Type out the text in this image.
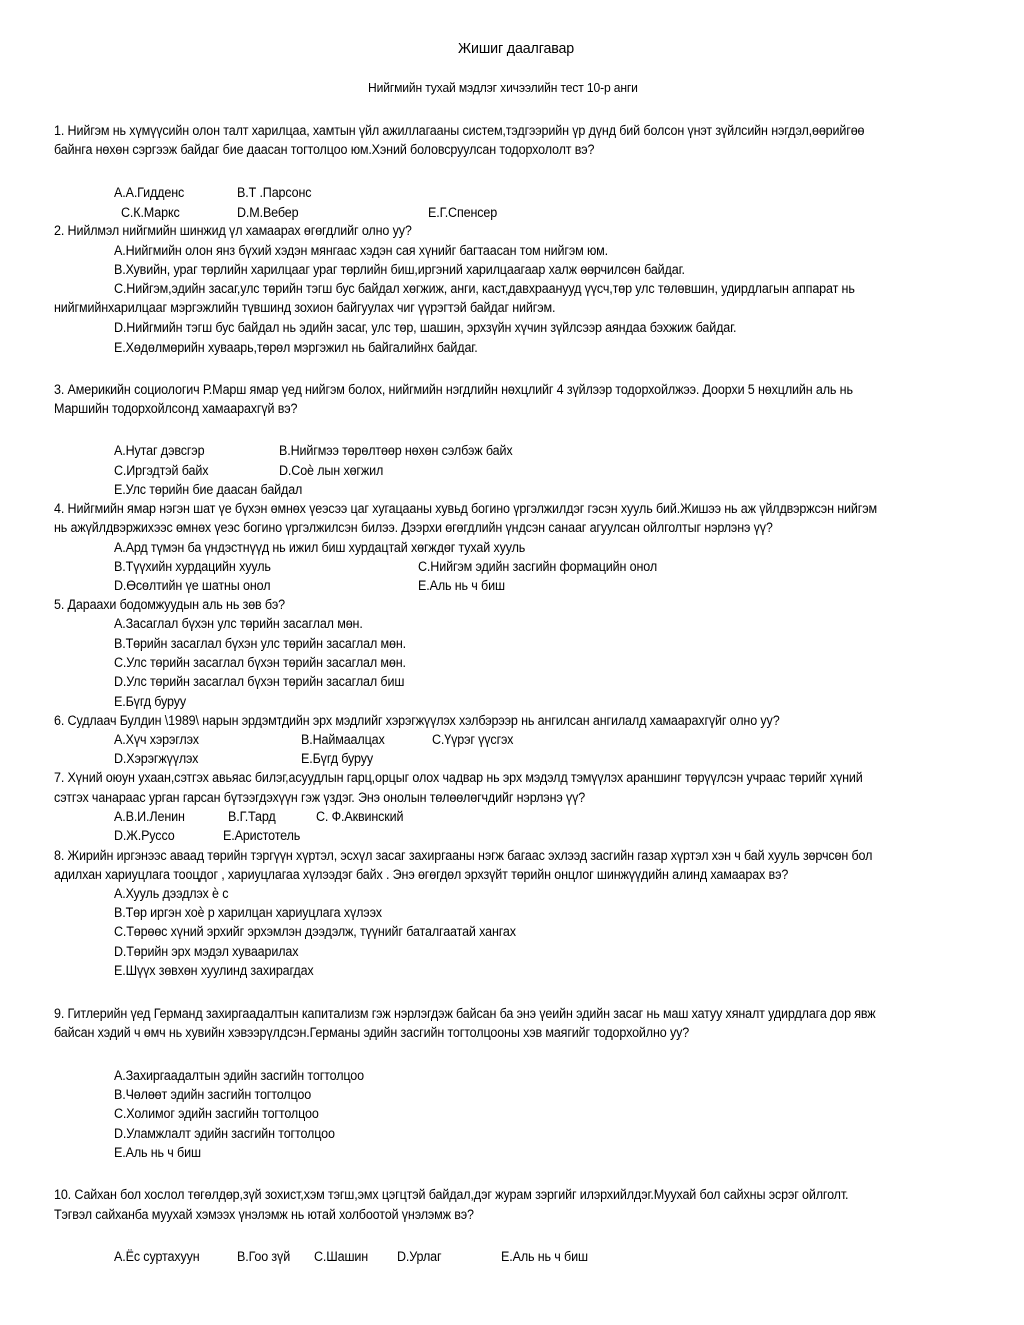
Жишиг даалгавар
Нийгмийн тухай мэдлэг хичээлийн тест 10-р анги
1. Нийгэм нь хүмүүсийн олон талт харилцаа, хамтын үйл ажиллагааны систем,тэдгээрийн үр дүнд бий болсон үнэт зүйлсийн нэгдэл,өөрийгөө
байнга нөхөн сэргээж байдаг бие даасан тогтолцоо юм.Хэний боловсруулсан тодорхололт вэ?
А.А.Гидденс	В.Т .Парсонс
С.К.Маркс	D.М.Вебер	Е.Г.Спенсер
2. Нийлмэл нийгмийн шинжид үл хамаарах өгөгдлийг олно уу?
А.Нийгмийн олон янз бүхий хэдэн мянгаас хэдэн сая хүнийг багтаасан том нийгэм юм.
В.Хувийн, ураг төрлийн харилцааг ураг төрлийн биш,иргэний харилцаагаар халж өөрчилсөн байдаг.
С.Нийгэм,эдийн засаг,улс төрийн тэгш бус байдал хөгжиж, анги, каст,давхраанууд үүсч,төр улс төлөвшин, удирдлагын аппарат нь
нийгмийнхарилцааг мэргэжлийн түвшинд зохион байгуулах чиг үүрэгтэй байдаг нийгэм.
D.Нийгмийн тэгш бус байдал нь эдийн засаг, улс төр, шашин, эрхзүйн хүчин зүйлсээр аяндаа бэхжиж байдаг.
Е.Хөдөлмөрийн хуваарь,төрөл мэргэжил нь байгалийнх байдаг.
3. Америкийн социологич Р.Марш ямар үед нийгэм болох, нийгмийн нэгдлийн нөхцлийг 4 зүйлээр тодорхойлжээ. Доорхи 5 нөхцлийн аль нь
Маршийн тодорхойлсонд хамаарахгүй вэ?
А.Нутаг дэвсгэр	В.Нийгмээ төрөлтөөр нөхөн сэлбэж байх
С.Иргэдтэй байх	D.Соѐ лын хөгжил
Е.Улс төрийн бие даасан байдал
4. Нийгмийн ямар нэгэн шат үе бүхэн өмнөх үеэсээ цаг хугацааны хувьд богино үргэлжилдэг гэсэн хууль бий.Жишээ нь аж үйлдвэржсэн нийгэм
нь ажүйлдвэржихээс өмнөх үеэс богино үргэлжилсэн билээ. Дээрхи өгөгдлийн үндсэн санааг агуулсан ойлголтыг нэрлэнэ үү?
А.Ард түмэн ба үндэстнүүд нь ижил биш хурдацтай хөгждөг тухай хууль
В.Түүхийн хурдацийн хууль	С.Нийгэм эдийн засгийн формацийн онол
D.Өсөлтийн үе шатны онол	Е.Аль нь ч биш
5. Дараахи бодомжуудын аль нь зөв бэ?
А.Засаглал бүхэн улс төрийн засаглал мөн.
В.Төрийн засаглал бүхэн улс төрийн засаглал мөн.
С.Улс төрийн засаглал бүхэн төрийн засаглал мөн.
D.Улс төрийн засаглал бүхэн төрийн засаглал биш
Е.Бүгд буруу
6. Судлаач Булдин \1989\ нарын эрдэмтдийн эрх мэдлийг хэрэгжүүлэх хэлбэрээр нь ангилсан ангилалд хамаарахгүйг олно уу?
А.Хүч хэрэглэх	В.Наймаалцах	С.Үүрэг үүсгэх
D.Хэрэгжүүлэх	Е.Бүгд буруу
7. Хүний оюун ухаан,сэтгэх авьяас билэг,асуудлын гарц,орцыг олох чадвар нь эрх мэдэлд тэмүүлэх араншинг төрүүлсэн учраас төрийг хүний
сэтгэх чанараас урган гарсан бүтээгдэхүүн гэж үздэг. Энэ онолын төлөөлөгчдийг нэрлэнэ үү?
А.В.И.Ленин	В.Г.Тард	С. Ф.Аквинский
D.Ж.Руссо	Е.Аристотель
8. Жирийн иргэнээс аваад төрийн тэргүүн хүртэл, эсхүл засаг захиргааны нэгж багаас эхлээд засгийн газар хүртэл хэн ч бай хууль зөрчсөн бол
адилхан хариуцлага тооцдог , хариуцлагаа хүлээдэг байх . Энэ өгөгдөл эрхзүйт төрийн онцлог шинжүүдийн алинд хамаарах вэ?
А.Хууль дээдлэх ѐ с
В.Төр иргэн хоѐ р харилцан хариуцлага хүлээх
С.Төрөөс хүний эрхийг эрхэмлэн дээдэлж, түүнийг баталгаатай хангах
D.Төрийн эрх мэдэл хуваарилах
Е.Шүүх зөвхөн хуулинд захирагдах
9. Гитлерийн үед Германд захиргаадалтын капитализм гэж нэрлэгдэж байсан ба энэ үеийн эдийн засаг нь маш хатуу хяналт удирдлага дор явж
байсан хэдий ч өмч нь хувийн хэвээрүлдсэн.Германы эдийн засгийн тогтолцооны хэв маягийг тодорхойлно уу?
А.Захиргаадалтын эдийн засгийн тогтолцоо
В.Чөлөөт эдийн засгийн тогтолцоо
С.Холимог эдийн засгийн тогтолцоо
D.Уламжлалт эдийн засгийн тогтолцоо
Е.Аль нь ч биш
10. Сайхан бол хослол төгөлдөр,зүй зохист,хэм тэгш,эмх цэгцтэй байдал,дэг журам зэргийг илэрхийлдэг.Муухай бол сайхны эсрэг ойлголт.
Тэгвэл сайханба муухай хэмээх үнэлэмж нь ютай холбоотой үнэлэмж вэ?
А.Ёс суртахуун	В.Гоо зүй С.Шашин D.Урлаг	Е.Аль нь ч биш
